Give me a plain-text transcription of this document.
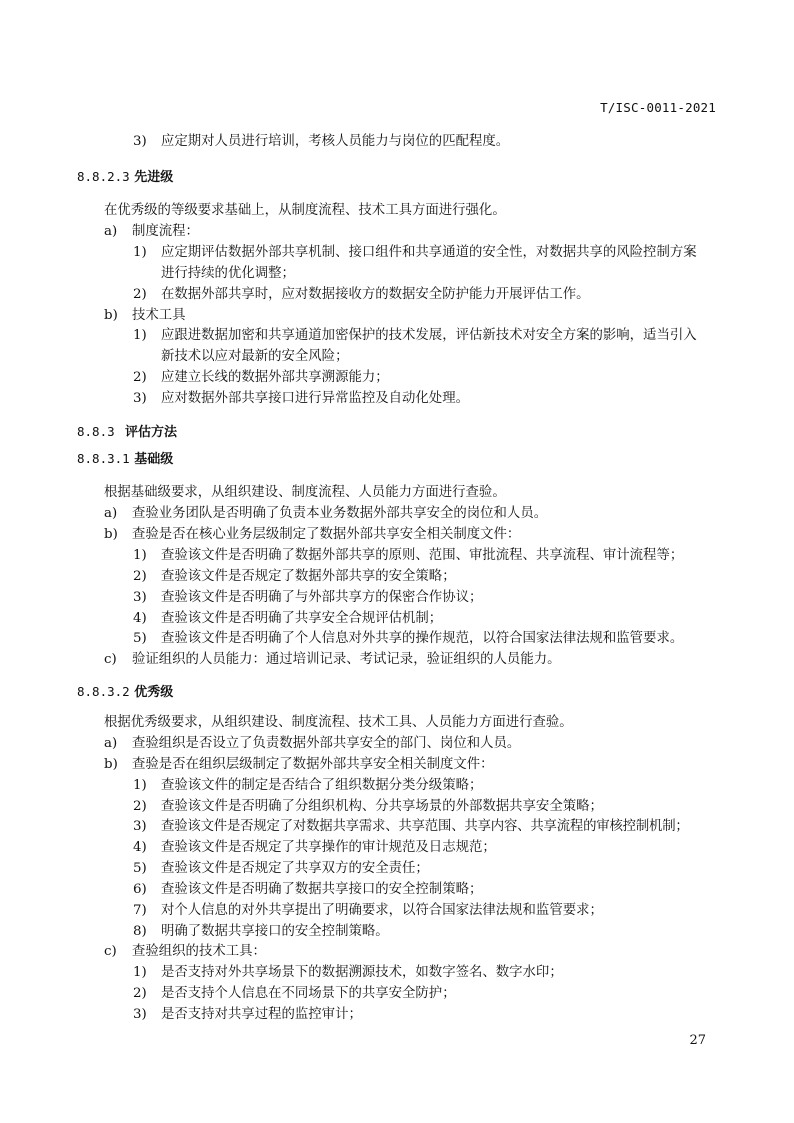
T/ISC-0011-2021
3) 应定期对人员进行培训，考核人员能力与岗位的匹配程度。
8.8.2.3 先进级
在优秀级的等级要求基础上，从制度流程、技术工具方面进行强化。
a) 制度流程：
1) 应定期评估数据外部共享机制、接口组件和共享通道的安全性，对数据共享的风险控制方案
进行持续的优化调整；
2) 在数据外部共享时，应对数据接收方的数据安全防护能力开展评估工作。
b) 技术工具
1) 应跟进数据加密和共享通道加密保护的技术发展，评估新技术对安全方案的影响，适当引入
新技术以应对最新的安全风险；
2) 应建立长线的数据外部共享溯源能力；
3) 应对数据外部共享接口进行异常监控及自动化处理。
8.8.3 评估方法
8.8.3.1 基础级
根据基础级要求，从组织建设、制度流程、人员能力方面进行查验。
a) 查验业务团队是否明确了负责本业务数据外部共享安全的岗位和人员。
b) 查验是否在核心业务层级制定了数据外部共享安全相关制度文件：
1) 查验该文件是否明确了数据外部共享的原则、范围、审批流程、共享流程、审计流程等；
2) 查验该文件是否规定了数据外部共享的安全策略；
3) 查验该文件是否明确了与外部共享方的保密合作协议；
4) 查验该文件是否明确了共享安全合规评估机制；
5) 查验该文件是否明确了个人信息对外共享的操作规范，以符合国家法律法规和监管要求。
c) 验证组织的人员能力：通过培训记录、考试记录，验证组织的人员能力。
8.8.3.2 优秀级
根据优秀级要求，从组织建设、制度流程、技术工具、人员能力方面进行查验。
a) 查验组织是否设立了负责数据外部共享安全的部门、岗位和人员。
b) 查验是否在组织层级制定了数据外部共享安全相关制度文件：
1) 查验该文件的制定是否结合了组织数据分类分级策略；
2) 查验该文件是否明确了分组织机构、分共享场景的外部数据共享安全策略；
3) 查验该文件是否规定了对数据共享需求、共享范围、共享内容、共享流程的审核控制机制；
4) 查验该文件是否规定了共享操作的审计规范及日志规范；
5) 查验该文件是否规定了共享双方的安全责任；
6) 查验该文件是否明确了数据共享接口的安全控制策略；
7) 对个人信息的对外共享提出了明确要求，以符合国家法律法规和监管要求；
8) 明确了数据共享接口的安全控制策略。
c) 查验组织的技术工具：
1) 是否支持对外共享场景下的数据溯源技术，如数字签名、数字水印；
2) 是否支持个人信息在不同场景下的共享安全防护；
3) 是否支持对共享过程的监控审计；
27
